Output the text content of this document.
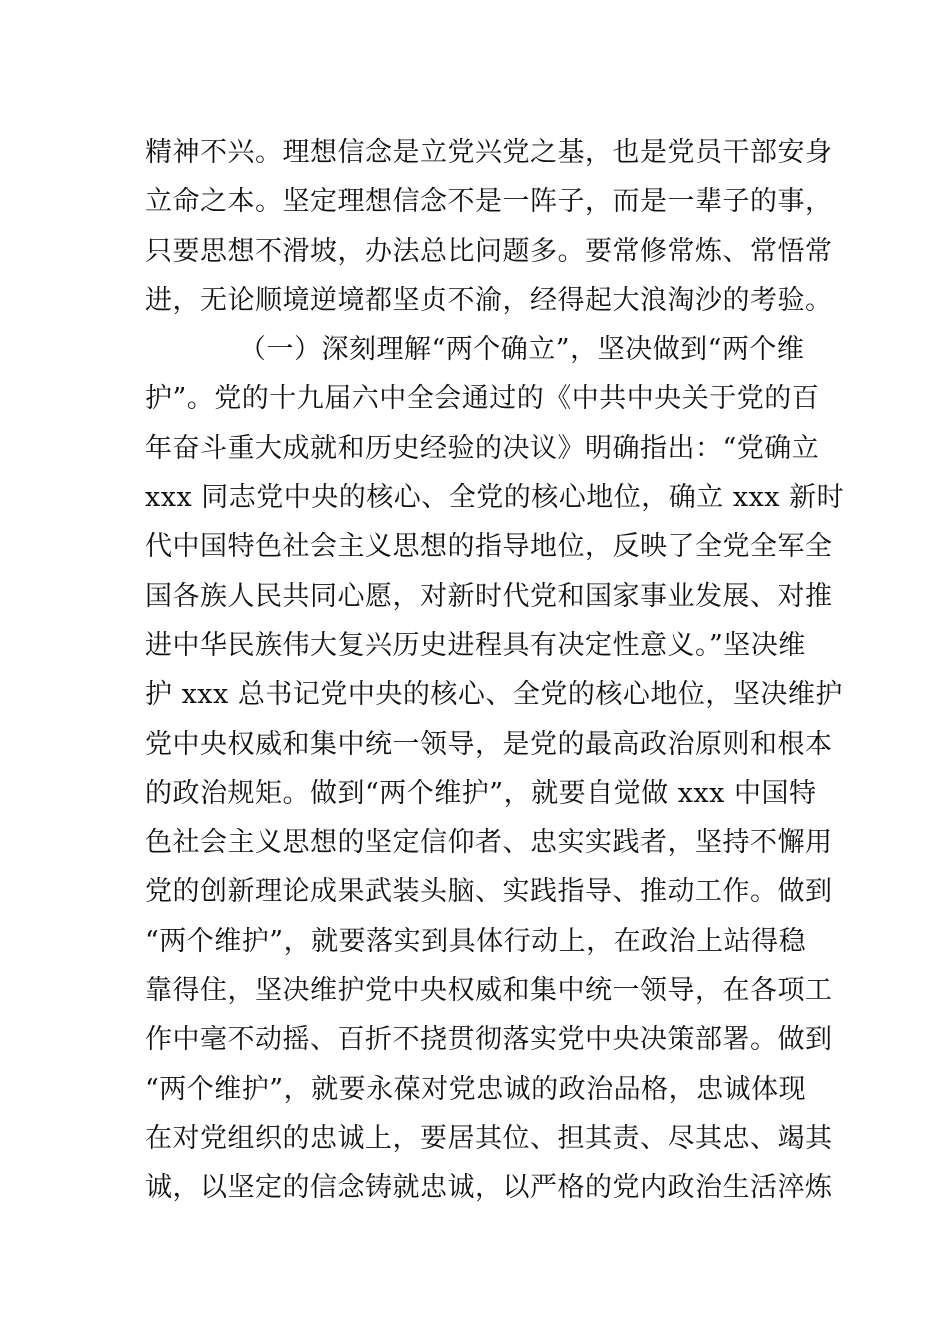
精神不兴。理想信念是立党兴党之基，也是党员干部安身
立命之本。坚定理想信念不是一阵子，而是一辈子的事，
只要思想不滑坡，办法总比问题多。要常修常炼、常悟常
进，无论顺境逆境都坚贞不渝，经得起大浪淘沙的考验。
（一）深刻理解“两个确立”，坚决做到“两个维
护”。党的十九届六中全会通过的《中共中央关于党的百
年奋斗重大成就和历史经验的决议》明确指出：“党确立
xxx 同志党中央的核心、全党的核心地位，确立 xxx 新时
代中国特色社会主义思想的指导地位，反映了全党全军全
国各族人民共同心愿，对新时代党和国家事业发展、对推
进中华民族伟大复兴历史进程具有决定性意义。”坚决维
护 xxx 总书记党中央的核心、全党的核心地位，坚决维护
党中央权威和集中统一领导，是党的最高政治原则和根本
的政治规矩。做到“两个维护”，就要自觉做 xxx 中国特
色社会主义思想的坚定信仰者、忠实实践者，坚持不懈用
党的创新理论成果武装头脑、实践指导、推动工作。做到
“两个维护”，就要落实到具体行动上，在政治上站得稳
靠得住，坚决维护党中央权威和集中统一领导，在各项工
作中毫不动摇、百折不挠贯彻落实党中央决策部署。做到
“两个维护”，就要永葆对党忠诚的政治品格，忠诚体现
在对党组织的忠诚上，要居其位、担其责、尽其忠、竭其
诚，以坚定的信念铸就忠诚，以严格的党内政治生活淬炼
